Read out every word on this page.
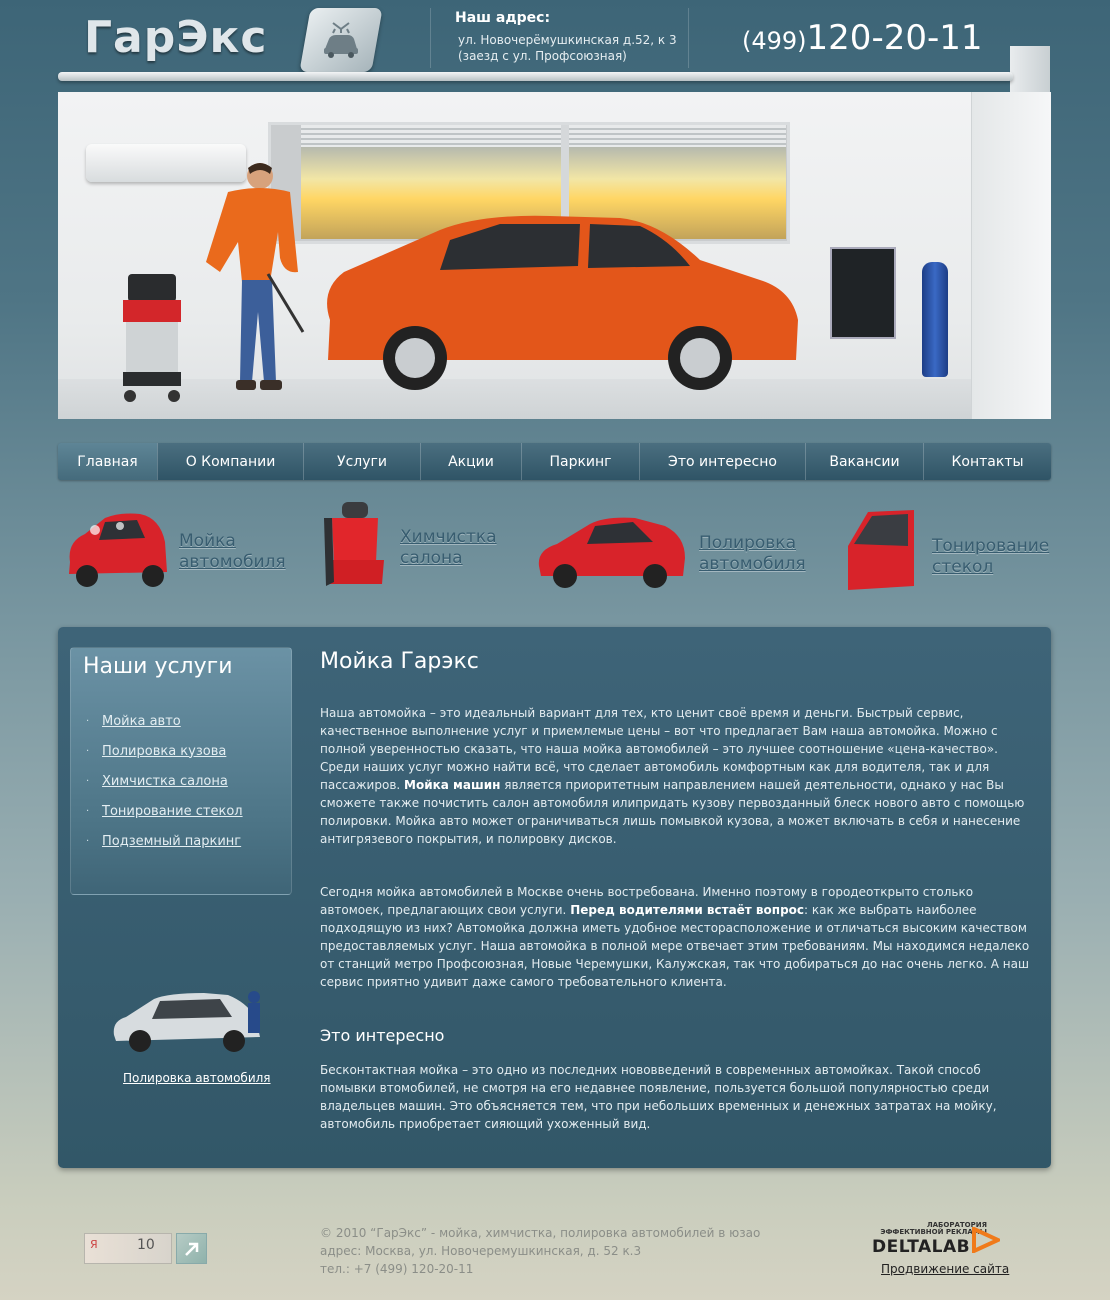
ГарЭкс	Наш адрес:
ул. Новочерёмушкинская д.52, к 3
(заезд с ул. Профсоюзная)
(499)120-20-11
Главная	О Компании	Услуги	Акции	Паркинг	Это интересно	Вакансии	Контакты
Мойка
автомобиля
Химчистка
салона
Полировка
автомобиля
Тонирование
стекол
Наши услуги
· Мойка авто
· Полировка кузова
· Химчистка салона
· Тонирование стекол
· Подземный паркинг
Полировка автомобиля
Мойка Гарэкс
Наша автомойка – это идеальный вариант для тех, кто ценит своё время и деньги. Быстрый сервис, качественное выполнение услуг и приемлемые цены – вот что предлагает Вам наша автомойка. Можно с полной уверенностью сказать, что наша мойка автомобилей – это лучшее соотношение «цена-качество». Среди наших услуг можно найти всё, что сделает автомобиль комфортным как для водителя, так и для пассажиров. Мойка машин является приоритетным направлением нашей деятельности, однако у нас Вы сможете также почистить салон автомобиля илипридать кузову первозданный блеск нового авто с помощью полировки. Мойка авто может ограничиваться лишь помывкой кузова, а может включать в себя и нанесение антигрязевого покрытия, и полировку дисков.
Сегодня мойка автомобилей в Москве очень востребована. Именно поэтому в городеоткрыто столько автомоек, предлагающих свои услуги. Перед водителями встаёт вопрос: как же выбрать наиболее подходящую из них? Автомойка должна иметь удобное месторасположение и отличаться высоким качеством предоставляемых услуг. Наша автомойка в полной мере отвечает этим требованиям. Мы находимся недалеко от станций метро Профсоюзная, Новые Черемушки, Калужская, так что добираться до нас очень легко. А наш сервис приятно удивит даже самого требовательного клиента.
Это интересно
Бесконтактная мойка – это одно из последних нововведений в современных автомойках. Такой способ помывки втомобилей, не смотря на его недавнее появление, пользуется большой популярностью среди владельцев машин. Это объясняется тем, что при небольших временных и денежных затратах на мойку, автомобиль приобретает сияющий ухоженный вид.
Я	10
© 2010 “ГарЭкс” - мойка, химчистка, полировка автомобилей в юзао
адрес: Москва, ул. Новочеремушкинская, д. 52 к.3
тел.: +7 (499) 120-20-11
ЛАБОРАТОРИЯ
ЭФФЕКТИВНОЙ РЕКЛАМЫ
DELTALAB
Продвижение сайта
